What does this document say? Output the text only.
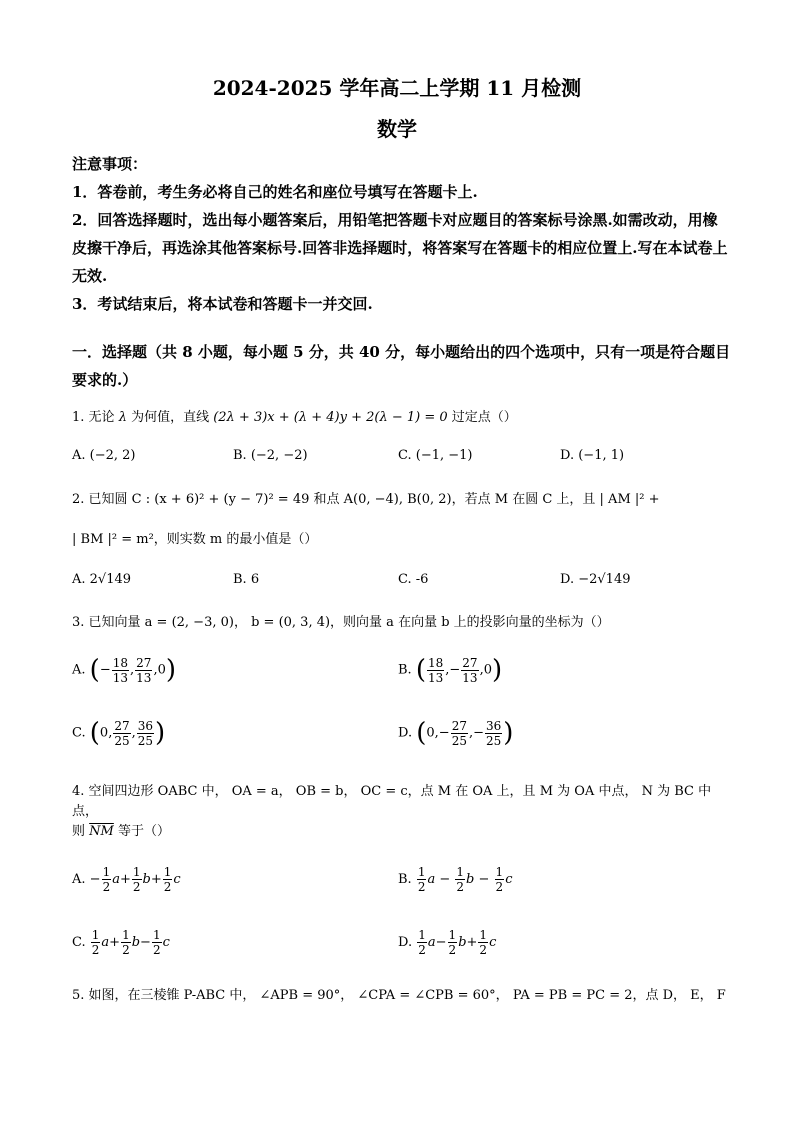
2024-2025 学年高二上学期 11 月检测
数学

注意事项：

1．答卷前，考生务必将自己的姓名和座位号填写在答题卡上.

2．回答选择题时，选出每小题答案后，用铅笔把答题卡对应题目的答案标号涂黑.如需改动，用橡皮擦干净后，再选涂其他答案标号.回答非选择题时，将答案写在答题卡的相应位置上.写在本试卷上无效.

3．考试结束后，将本试卷和答题卡一并交回.

一．选择题（共 8 小题，每小题 5 分，共 40 分，每小题给出的四个选项中，只有一项是符合题目要求的.）
1. 无论 λ 为何值，直线 (2λ + 3)x + (λ + 4)y + 2(λ − 1) = 0 过定点（）
A. (−2, 2)	B. (−2, −2)	C. (−1, −1)	D. (−1, 1)
2. 已知圆 C : (x + 6)² + (y − 7)² = 49 和点 A(0, −4), B(0, 2)，若点 M 在圆 C 上，且 | AM |² +
| BM |² = m²，则实数 m 的最小值是（）
A. 2√149	B. 6	C. -6	D. −2√149
3. 已知向量 a = (2, −3, 0)， b = (0, 3, 4)，则向量 a 在向量 b 上的投影向量的坐标为（）
A. (− $\frac{18}{13}$ , $\frac{27}{13} ,0$)	B. ( $\frac{18}{13}$ ,− $\frac{27}{13} ,0$)
C. (0, $\frac{27}{25}$ , $\frac{36}{25}$ )	D. ($0,- \frac{27}{25}$ ,− $\frac{36}{25}$ )
4. 空间四边形 OABC 中， OA = a， OB = b， OC = c，点 M 在 OA 上，且 M 为 OA 中点， N 为 BC 中点，
则 $\overline{NM}$ 等于（）
A. − $\frac{1}{2} a+ \frac{1}{2} b+ \frac{1}{2}$ c	B. $\frac{1}{2}$ $a - \frac{1}{2}$ $b - \frac{1}{2}$ c
C. $\frac{1}{2} a+ \frac{1}{2} b- \frac{1}{2}$ c	D. $\frac{1}{2} a- \frac{1}{2} b+ \frac{1}{2}$ c
5. 如图，在三棱锥 P-ABC 中， ∠APB = 90°， ∠CPA = ∠CPB = 60°， PA = PB = PC = 2，点 D， E， F
